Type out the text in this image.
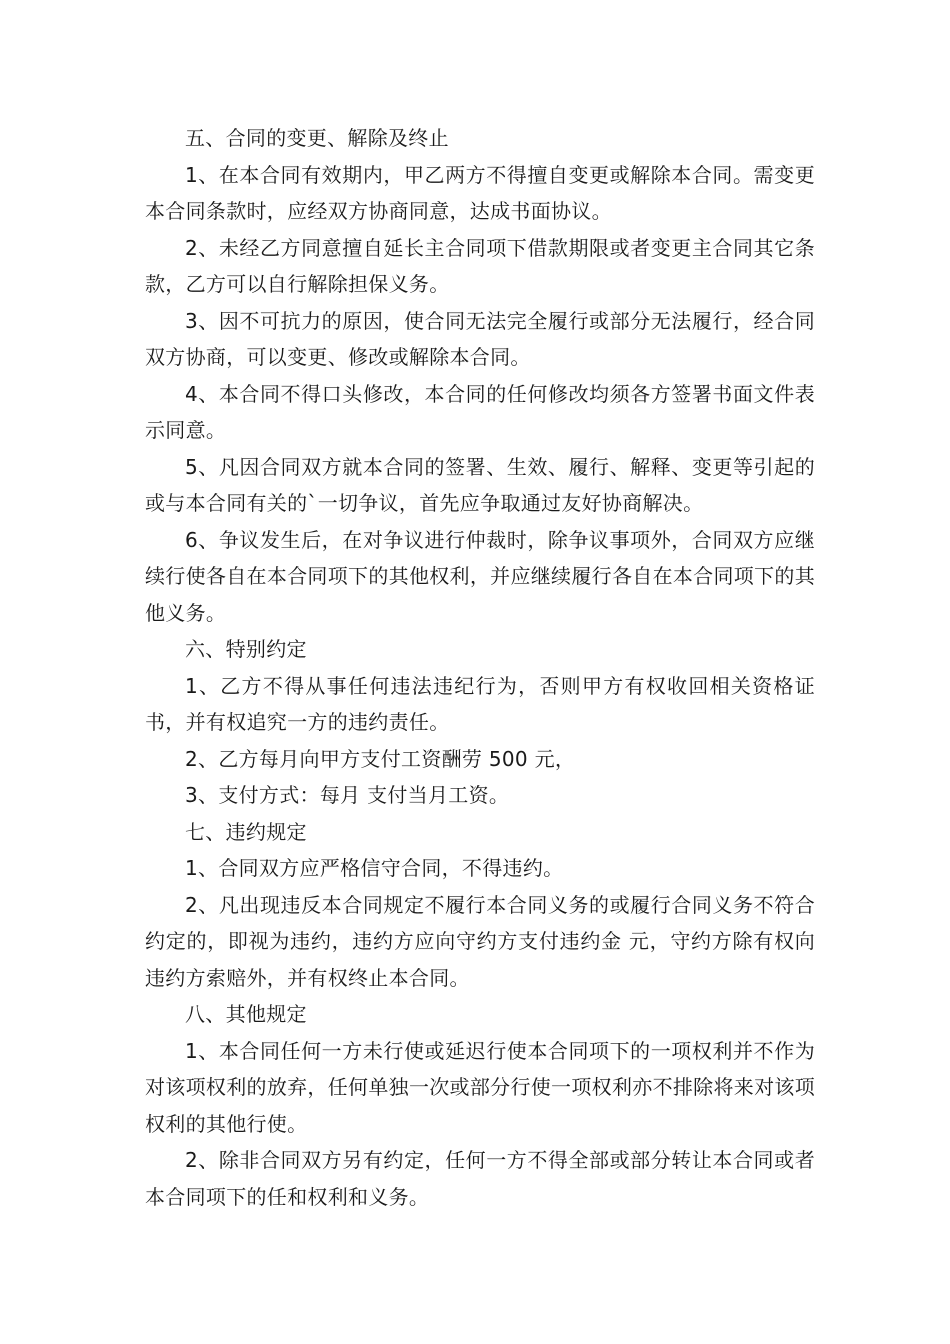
五、合同的变更、解除及终止

1、在本合同有效期内，甲乙两方不得擅自变更或解除本合同。需变更本合同条款时，应经双方协商同意，达成书面协议。

2、未经乙方同意擅自延长主合同项下借款期限或者变更主合同其它条款，乙方可以自行解除担保义务。

3、因不可抗力的原因，使合同无法完全履行或部分无法履行，经合同双方协商，可以变更、修改或解除本合同。

4、本合同不得口头修改，本合同的任何修改均须各方签署书面文件表示同意。

5、凡因合同双方就本合同的签署、生效、履行、解释、变更等引起的或与本合同有关的`一切争议，首先应争取通过友好协商解决。

6、争议发生后，在对争议进行仲裁时，除争议事项外，合同双方应继续行使各自在本合同项下的其他权利，并应继续履行各自在本合同项下的其他义务。

六、特别约定

1、乙方不得从事任何违法违纪行为，否则甲方有权收回相关资格证书，并有权追究一方的违约责任。

2、乙方每月向甲方支付工资酬劳 500 元，

3、支付方式：每月 支付当月工资。

七、违约规定

1、合同双方应严格信守合同，不得违约。

2、凡出现违反本合同规定不履行本合同义务的或履行合同义务不符合约定的，即视为违约，违约方应向守约方支付违约金 元，守约方除有权向违约方索赔外，并有权终止本合同。

八、其他规定

1、本合同任何一方未行使或延迟行使本合同项下的一项权利并不作为对该项权利的放弃，任何单独一次或部分行使一项权利亦不排除将来对该项权利的其他行使。

2、除非合同双方另有约定，任何一方不得全部或部分转让本合同或者本合同项下的任和权利和义务。
